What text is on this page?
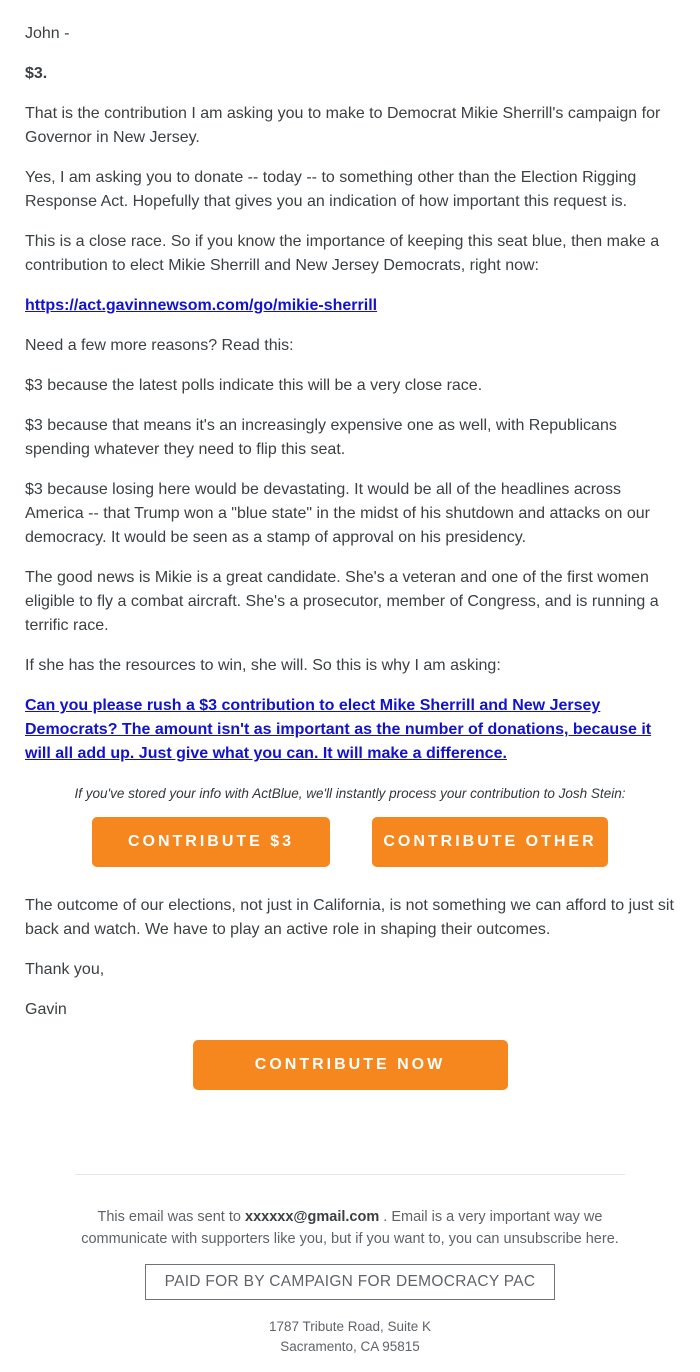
John -

$3.

That is the contribution I am asking you to make to Democrat Mikie Sherrill's campaign for Governor in New Jersey.

Yes, I am asking you to donate -- today -- to something other than the Election Rigging Response Act. Hopefully that gives you an indication of how important this request is.

This is a close race. So if you know the importance of keeping this seat blue, then make a contribution to elect Mikie Sherrill and New Jersey Democrats, right now:

https://act.gavinnewsom.com/go/mikie-sherrill

Need a few more reasons? Read this:

$3 because the latest polls indicate this will be a very close race.

$3 because that means it's an increasingly expensive one as well, with Republicans spending whatever they need to flip this seat.

$3 because losing here would be devastating. It would be all of the headlines across America -- that Trump won a "blue state" in the midst of his shutdown and attacks on our democracy. It would be seen as a stamp of approval on his presidency.

The good news is Mikie is a great candidate. She's a veteran and one of the first women eligible to fly a combat aircraft. She's a prosecutor, member of Congress, and is running a terrific race.

If she has the resources to win, she will. So this is why I am asking:

Can you please rush a $3 contribution to elect Mike Sherrill and New Jersey Democrats? The amount isn't as important as the number of donations, because it will all add up. Just give what you can. It will make a difference.

If you've stored your info with ActBlue, we'll instantly process your contribution to Josh Stein:

CONTRIBUTE $3	CONTRIBUTE OTHER

The outcome of our elections, not just in California, is not something we can afford to just sit back and watch. We have to play an active role in shaping their outcomes.

Thank you,

Gavin

CONTRIBUTE NOW

This email was sent to xxxxxx@gmail.com . Email is a very important way we communicate with supporters like you, but if you want to, you can unsubscribe here.

PAID FOR BY CAMPAIGN FOR DEMOCRACY PAC
1787 Tribute Road, Suite K
Sacramento, CA 95815
